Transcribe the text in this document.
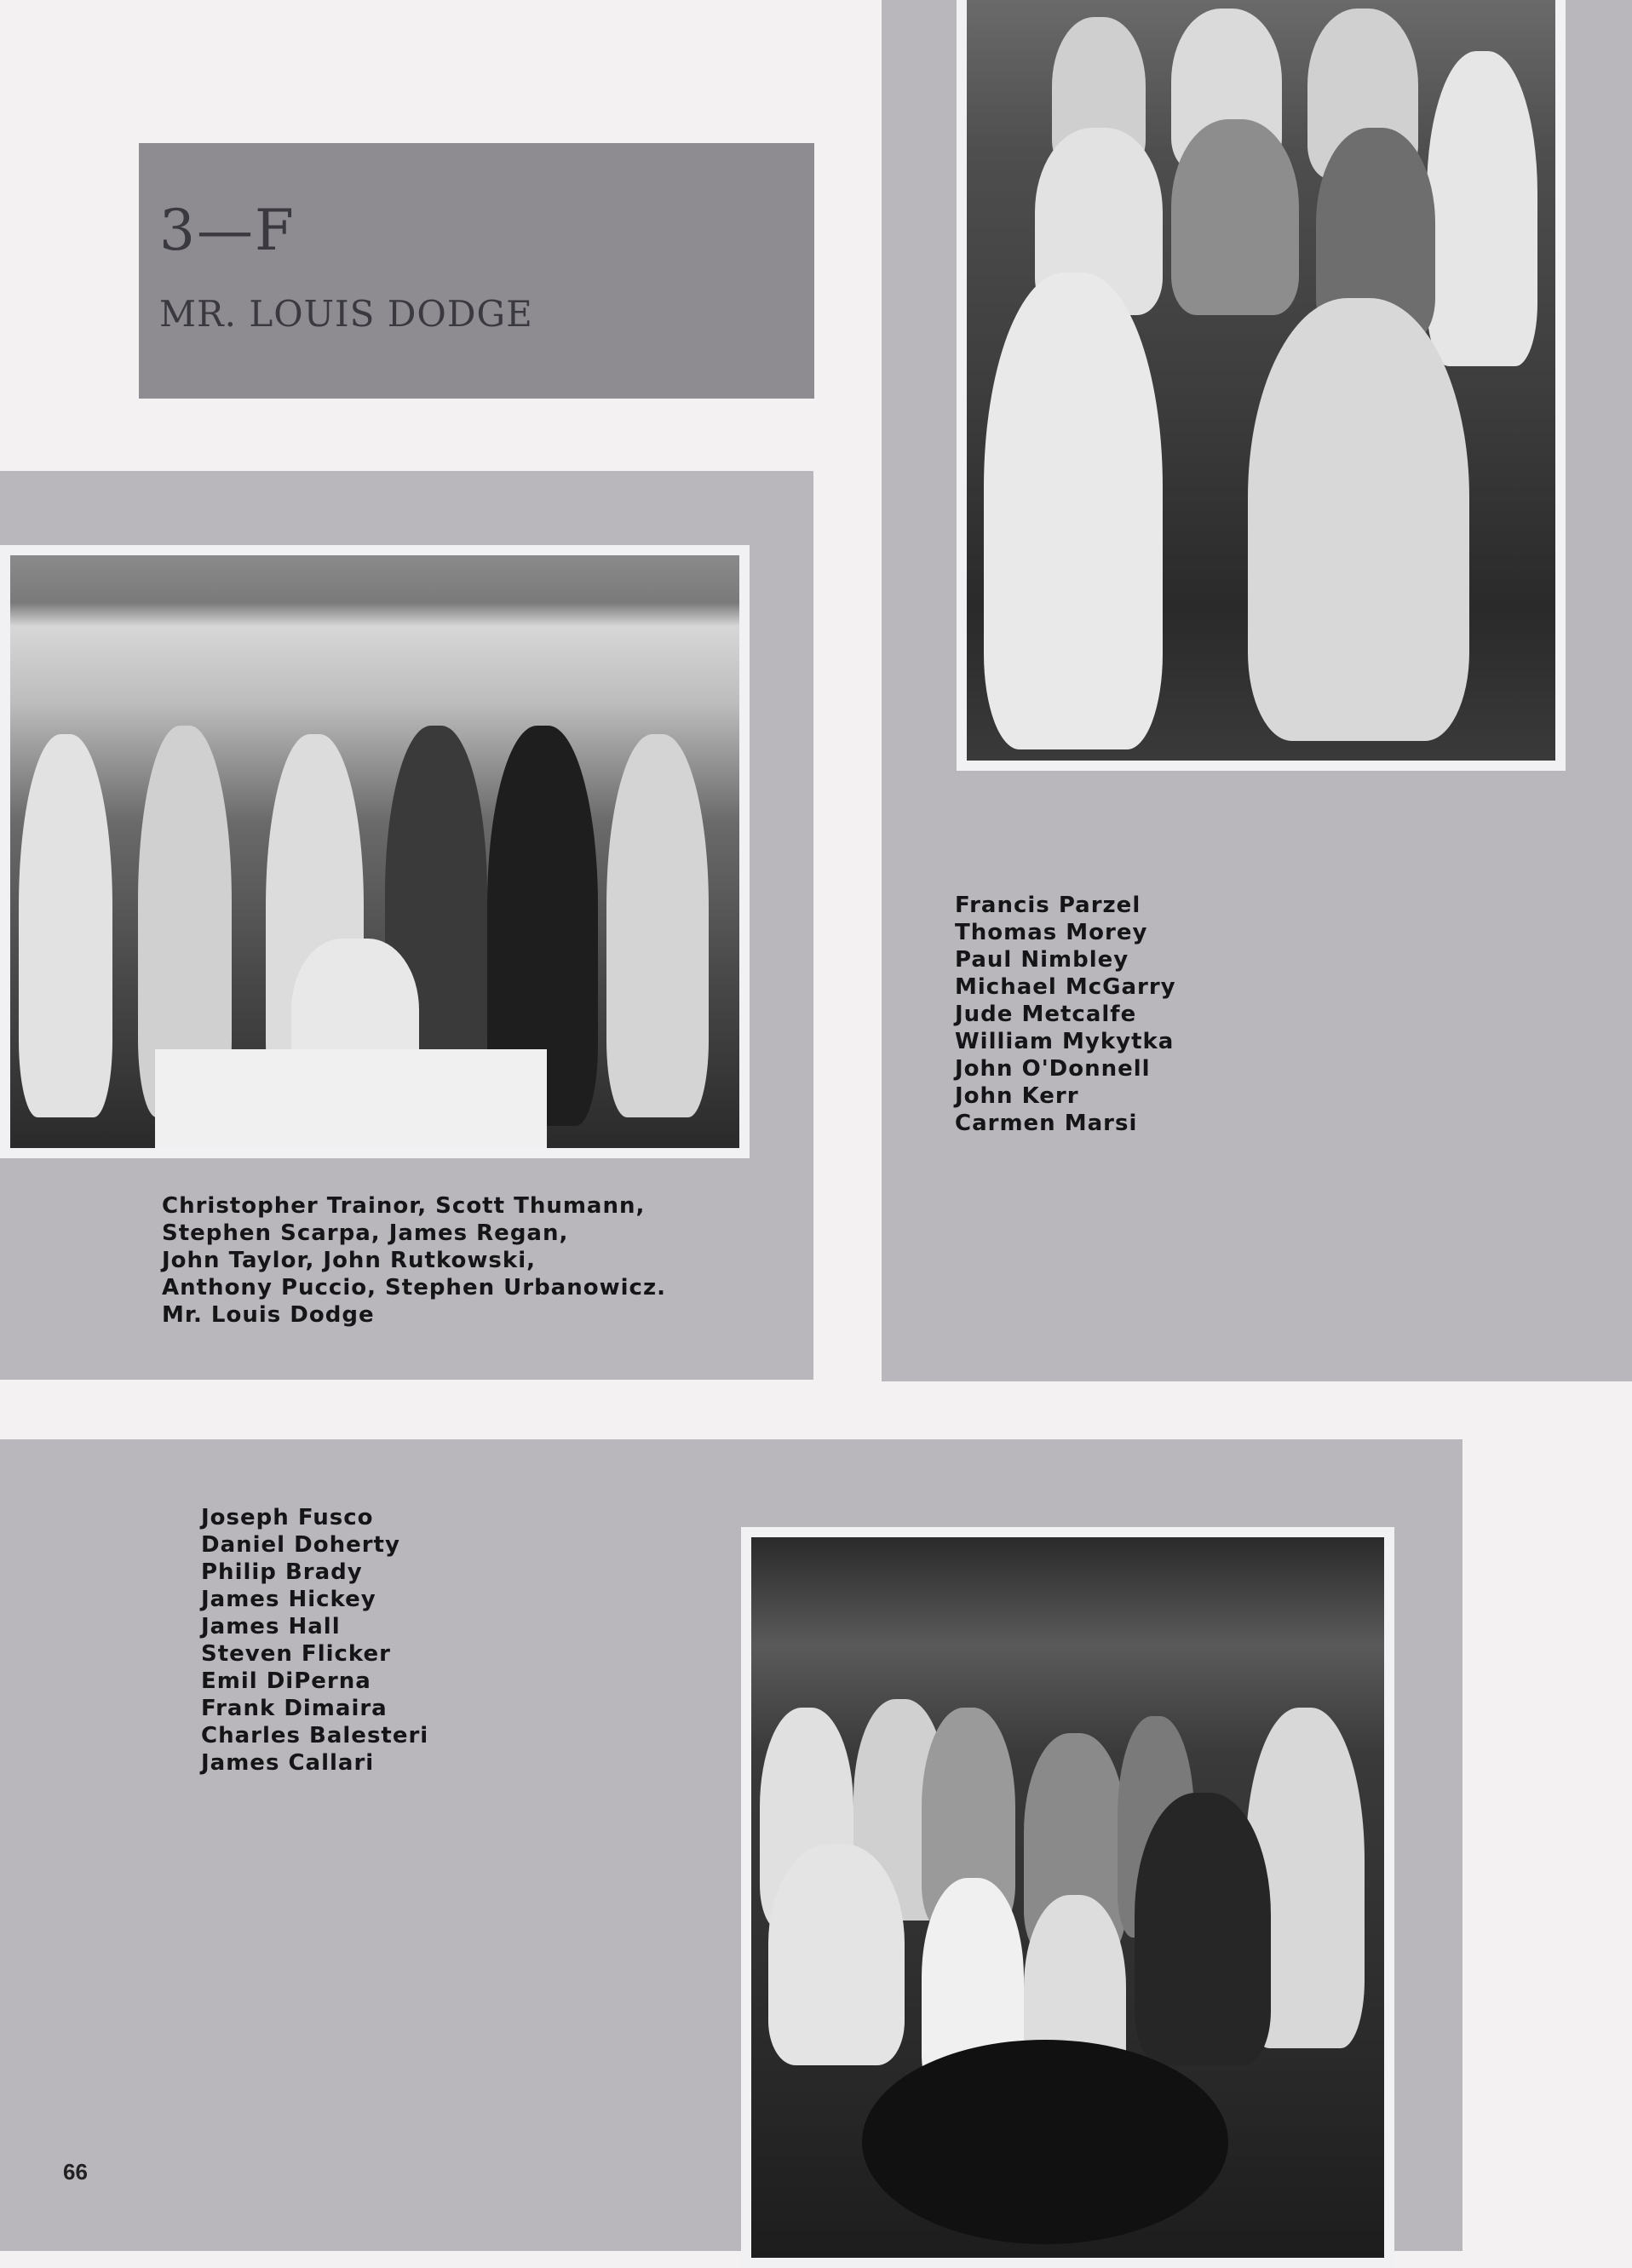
3—F
MR. LOUIS DODGE
Christopher Trainor, Scott Thumann,
Stephen Scarpa, James Regan,
John Taylor, John Rutkowski,
Anthony Puccio, Stephen Urbanowicz.
Mr. Louis Dodge
Francis Parzel
Thomas Morey
Paul Nimbley
Michael McGarry
Jude Metcalfe
William Mykytka
John O'Donnell
John Kerr
Carmen Marsi
Joseph Fusco
Daniel Doherty
Philip Brady
James Hickey
James Hall
Steven Flicker
Emil DiPerna
Frank Dimaira
Charles Balesteri
James Callari
66
